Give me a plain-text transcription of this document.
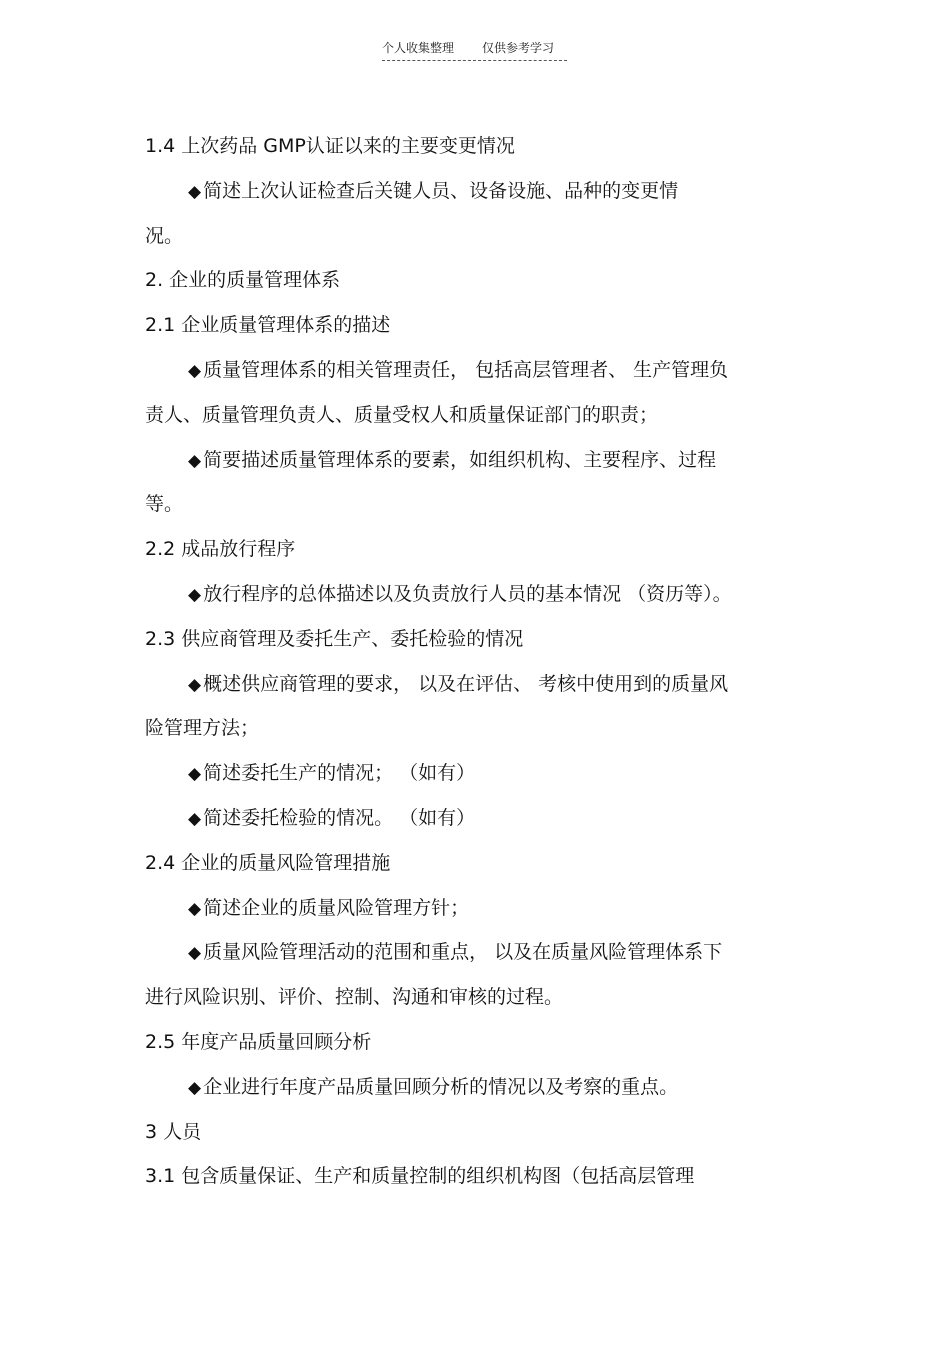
个人收集整理 仅供参考学习
1.4 上次药品 GMP认证以来的主要变更情况
◆ 简述上次认证检查后关键人员、设备设施、品种的变更情
况。
2. 企业的质量管理体系
2.1 企业质量管理体系的描述
◆ 质量管理体系的相关管理责任， 包括高层管理者、 生产管理负
责人、质量管理负责人、质量受权人和质量保证部门的职责；
◆ 简要描述质量管理体系的要素，如组织机构、主要程序、过程
等。
2.2 成品放行程序
◆ 放行程序的总体描述以及负责放行人员的基本情况 （资历等）。
2.3 供应商管理及委托生产、委托检验的情况
◆ 概述供应商管理的要求， 以及在评估、 考核中使用到的质量风
险管理方法；
◆ 简述委托生产的情况； （如有）
◆ 简述委托检验的情况。 （如有）
2.4 企业的质量风险管理措施
◆ 简述企业的质量风险管理方针；
◆ 质量风险管理活动的范围和重点， 以及在质量风险管理体系下
进行风险识别、评价、控制、沟通和审核的过程。
2.5 年度产品质量回顾分析
◆ 企业进行年度产品质量回顾分析的情况以及考察的重点。
3 人员
3.1 包含质量保证、生产和质量控制的组织机构图（包括高层管理
